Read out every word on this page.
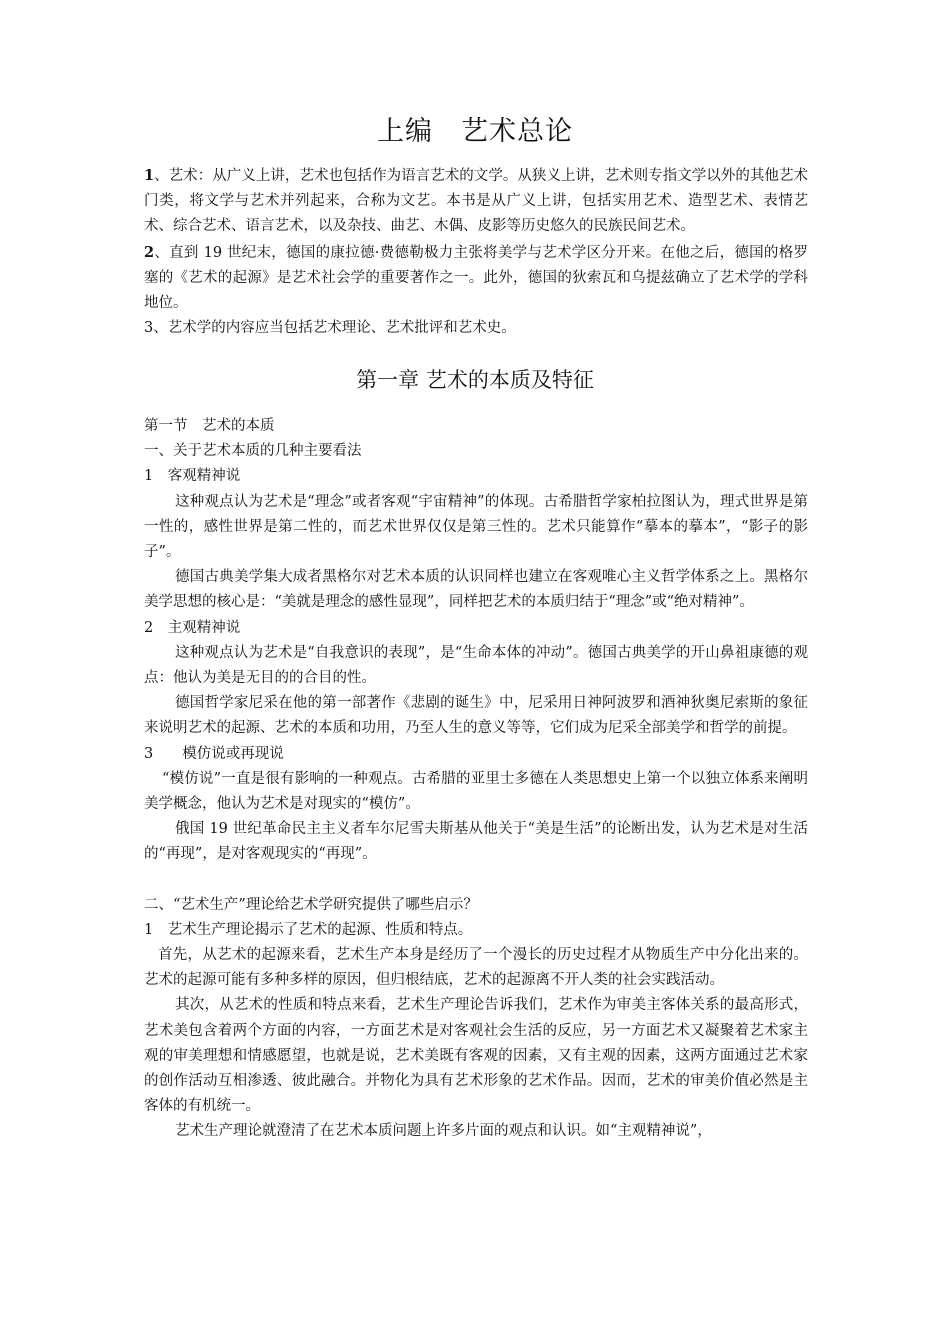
上编　艺术总论

1、艺术：从广义上讲，艺术也包括作为语言艺术的文学。从狭义上讲，艺术则专指文学以外的其他艺术门类，将文学与艺术并列起来，合称为文艺。本书是从广义上讲，包括实用艺术、造型艺术、表情艺术、综合艺术、语言艺术，以及杂技、曲艺、木偶、皮影等历史悠久的民族民间艺术。

2、直到 19 世纪末，德国的康拉德·费德勒极力主张将美学与艺术学区分开来。在他之后，德国的格罗塞的《艺术的起源》是艺术社会学的重要著作之一。此外，德国的狄索瓦和乌提兹确立了艺术学的学科地位。

3、艺术学的内容应当包括艺术理论、艺术批评和艺术史。

第一章 艺术的本质及特征

第一节　艺术的本质

一、关于艺术本质的几种主要看法

1　客观精神说

这种观点认为艺术是“理念”或者客观“宇宙精神”的体现。古希腊哲学家柏拉图认为，理式世界是第一性的，感性世界是第二性的，而艺术世界仅仅是第三性的。艺术只能算作“摹本的摹本”，“影子的影子”。

德国古典美学集大成者黑格尔对艺术本质的认识同样也建立在客观唯心主义哲学体系之上。黑格尔美学思想的核心是：“美就是理念的感性显现”，同样把艺术的本质归结于“理念”或“绝对精神”。

2　主观精神说

这种观点认为艺术是“自我意识的表现”，是“生命本体的冲动”。德国古典美学的开山鼻祖康德的观点：他认为美是无目的的合目的性。

德国哲学家尼采在他的第一部著作《悲剧的诞生》中，尼采用日神阿波罗和酒神狄奥尼索斯的象征来说明艺术的起源、艺术的本质和功用，乃至人生的意义等等，它们成为尼采全部美学和哲学的前提。

3　　模仿说或再现说

“模仿说”一直是很有影响的一种观点。古希腊的亚里士多德在人类思想史上第一个以独立体系来阐明美学概念，他认为艺术是对现实的“模仿”。

俄国 19 世纪革命民主主义者车尔尼雪夫斯基从他关于“美是生活”的论断出发，认为艺术是对生活的“再现”，是对客观现实的“再现”。

二、“艺术生产”理论给艺术学研究提供了哪些启示？

1　艺术生产理论揭示了艺术的起源、性质和特点。

首先，从艺术的起源来看，艺术生产本身是经历了一个漫长的历史过程才从物质生产中分化出来的。艺术的起源可能有多种多样的原因，但归根结底，艺术的起源离不开人类的社会实践活动。

其次，从艺术的性质和特点来看，艺术生产理论告诉我们，艺术作为审美主客体关系的最高形式，艺术美包含着两个方面的内容，一方面艺术是对客观社会生活的反应，另一方面艺术又凝聚着艺术家主观的审美理想和情感愿望，也就是说，艺术美既有客观的因素，又有主观的因素，这两方面通过艺术家的创作活动互相渗透、彼此融合。并物化为具有艺术形象的艺术作品。因而，艺术的审美价值必然是主客体的有机统一。

艺术生产理论就澄清了在艺术本质问题上许多片面的观点和认识。如“主观精神说”，
